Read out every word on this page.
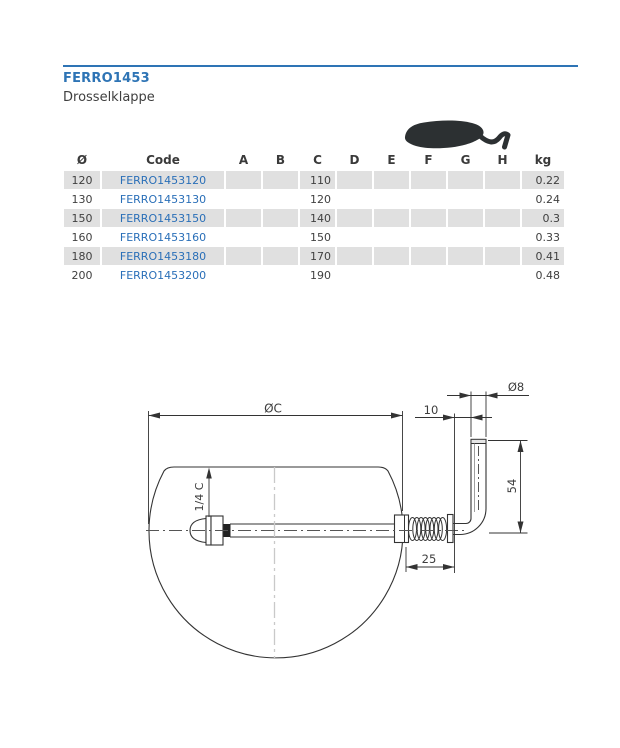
FERRO1453
Drosselklappe
Ø	Code	A	B	C	D	E	F	G	H	kg
120	FERRO1453120			110						0.22
130	FERRO1453130			120						0.24
150	FERRO1453150			140						0.3
160	FERRO1453160			150						0.33
180	FERRO1453180			170						0.41
200	FERRO1453200			190						0.48
ØC	10
Ø8
54
25
1/4 C
